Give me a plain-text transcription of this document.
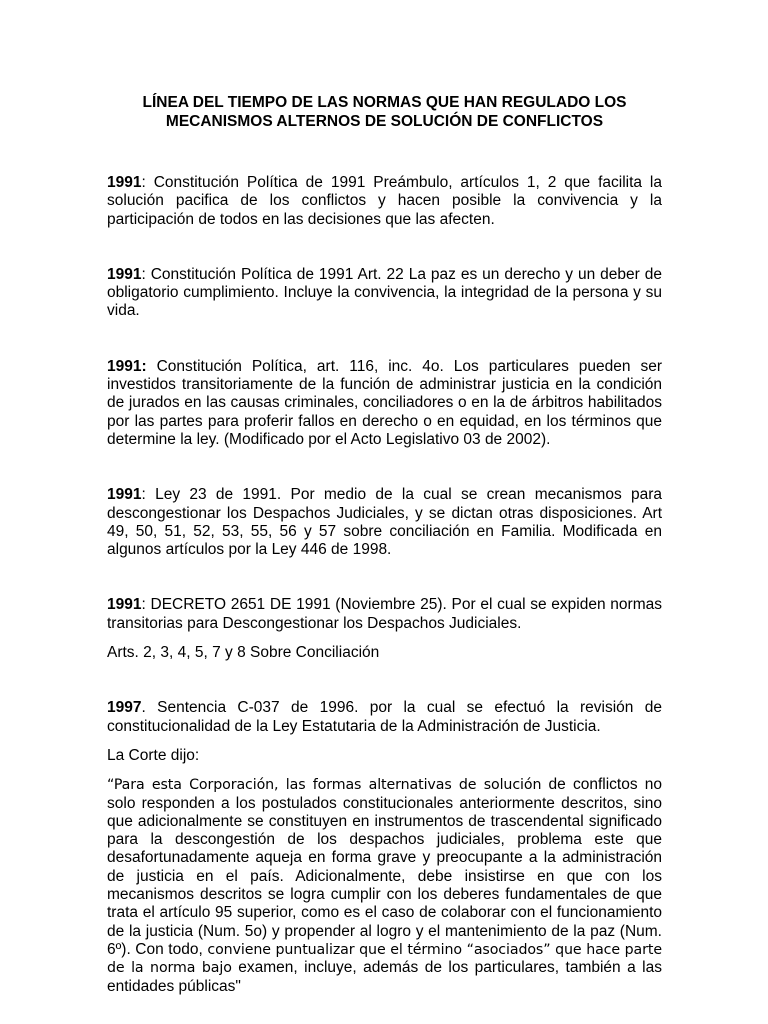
LÍNEA DEL TIEMPO DE LAS NORMAS QUE HAN REGULADO LOS
MECANISMOS ALTERNOS DE SOLUCIÓN DE CONFLICTOS

1991: Constitución Política de 1991 Preámbulo, artículos 1, 2 que facilita la solución pacifica de los conflictos y hacen posible la convivencia y la participación de todos en las decisiones que las afecten.

1991: Constitución Política de 1991 Art. 22 La paz es un derecho y un deber de obligatorio cumplimiento. Incluye la convivencia, la integridad de la persona y su vida.

1991: Constitución Política, art. 116, inc. 4o. Los particulares pueden ser investidos transitoriamente de la función de administrar justicia en la condición de jurados en las causas criminales, conciliadores o en la de árbitros habilitados por las partes para proferir fallos en derecho o en equidad, en los términos que determine la ley. (Modificado por el Acto Legislativo 03 de 2002).

1991: Ley 23 de 1991. Por medio de la cual se crean mecanismos para descongestionar los Despachos Judiciales, y se dictan otras disposiciones. Art 49, 50, 51, 52, 53, 55, 56 y 57 sobre conciliación en Familia. Modificada en algunos artículos por la Ley 446 de 1998.

1991: DECRETO 2651 DE 1991 (Noviembre 25). Por el cual se expiden normas transitorias para Descongestionar los Despachos Judiciales.

Arts. 2, 3, 4, 5, 7 y 8 Sobre Conciliación

1997. Sentencia C-037 de 1996. por la cual se efectuó la revisión de constitucionalidad de la Ley Estatutaria de la Administración de Justicia.

La Corte dijo:

“Para esta Corporación, las formas alternativas de solución de conflictos no solo responden a los postulados constitucionales anteriormente descritos, sino que adicionalmente se constituyen en instrumentos de trascendental significado para la descongestión de los despachos judiciales, problema este que desafortunadamente aqueja en forma grave y preocupante a la administración de justicia en el país. Adicionalmente, debe insistirse en que con los mecanismos descritos se logra cumplir con los deberes fundamentales de que trata el artículo 95 superior, como es el caso de colaborar con el funcionamiento de la justicia (Num. 5o) y propender al logro y el mantenimiento de la paz (Num. 6º). Con todo, conviene puntualizar que el término “asociados” que hace parte de la norma bajo examen, incluye, además de los particulares, también a las entidades públicas"
